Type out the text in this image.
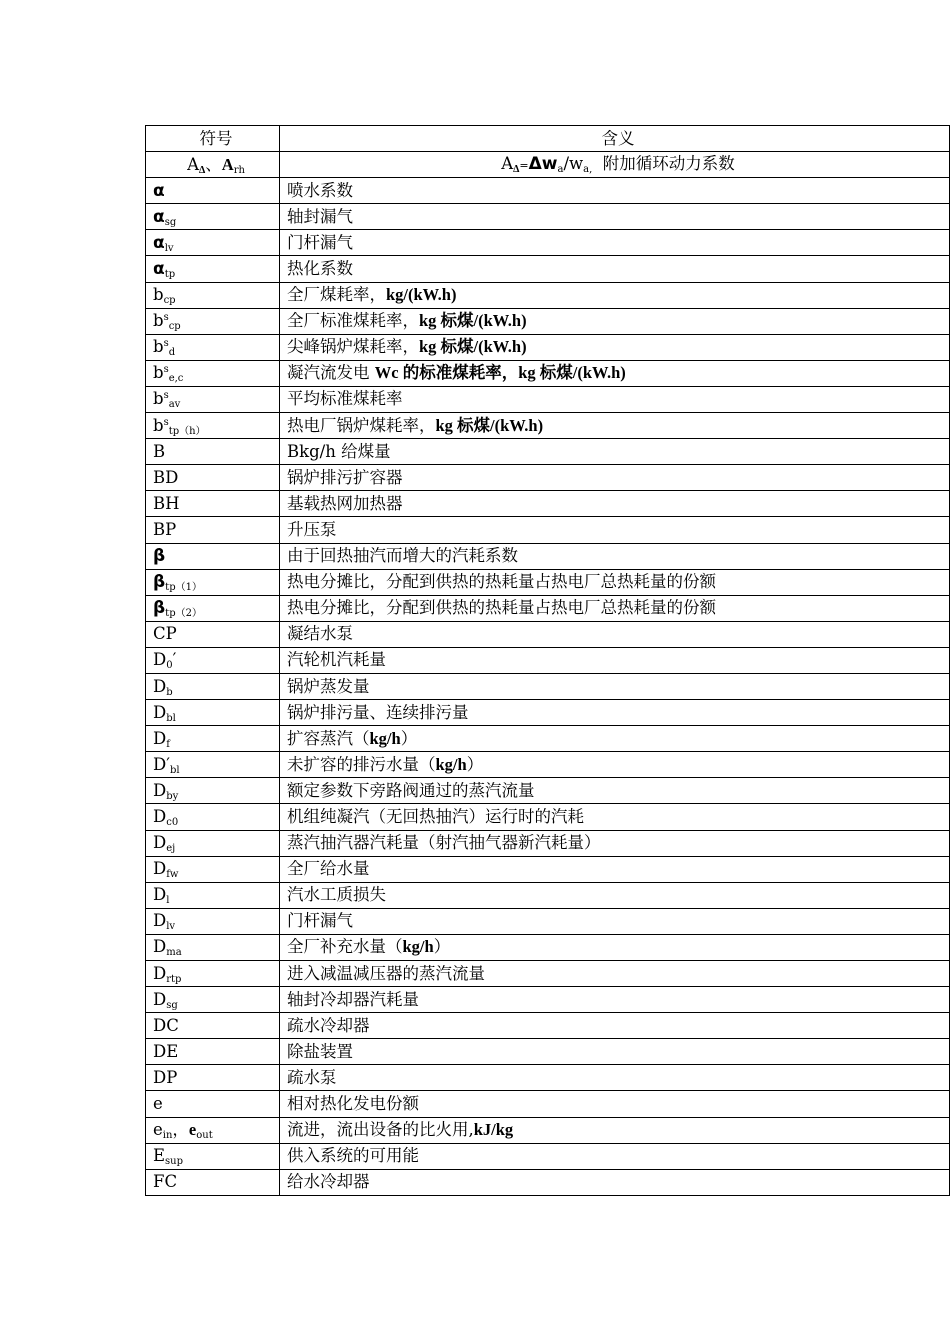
符号	含义
$A_\Delta$、$A_{rh}$	$A_\Delta=\Delta w_a/w_{a,}$  附加循环动力系数
α	喷水系数
$\alpha_{sg}$	轴封漏气
$\alpha_{lv}$	门杆漏气
$\alpha_{tp}$	热化系数
$b_{cp}$	全厂煤耗率，kg/(kW.h)
$b^s_{cp}$	全厂标准煤耗率，kg 标煤/(kW.h)
$b^s_d$	尖峰锅炉煤耗率，kg 标煤/(kW.h)
$b^s_{e,c}$	凝汽流发电 Wc 的标准煤耗率，kg 标煤/(kW.h)
$b^s_{av}$	平均标准煤耗率
$b^s_{tp(h)}$	热电厂锅炉煤耗率，kg 标煤/(kW.h)
B	Bkg/h 给煤量
BD	锅炉排污扩容器
BH	基载热网加热器
BP	升压泵
β	由于回热抽汽而增大的汽耗系数
$\beta_{tp(1)}$	热电分摊比，分配到供热的热耗量占热电厂总热耗量的份额
$\beta_{tp(2)}$	热电分摊比，分配到供热的热耗量占热电厂总热耗量的份额
CP	凝结水泵
$D_0'$	汽轮机汽耗量
$D_b$	锅炉蒸发量
$D_{bl}$	锅炉排污量、连续排污量
$D_f$	扩容蒸汽（kg/h）
$D'_{bl}$	未扩容的排污水量（kg/h）
$D_{by}$	额定参数下旁路阀通过的蒸汽流量
$D_{c0}$	机组纯凝汽（无回热抽汽）运行时的汽耗
$D_{ej}$	蒸汽抽汽器汽耗量（射汽抽气器新汽耗量）
$D_{fw}$	全厂给水量
$D_l$	汽水工质损失
$D_{lv}$	门杆漏气
$D_{ma}$	全厂补充水量（kg/h）
$D_{rtp}$	进入减温减压器的蒸汽流量
$D_{sg}$	轴封冷却器汽耗量
DC	疏水冷却器
DE	除盐装置
DP	疏水泵
e	相对热化发电份额
$e_{in}$，$e_{out}$	流进，流出设备的比火用,kJ/kg
$E_{sup}$	供入系统的可用能
FC	给水冷却器
